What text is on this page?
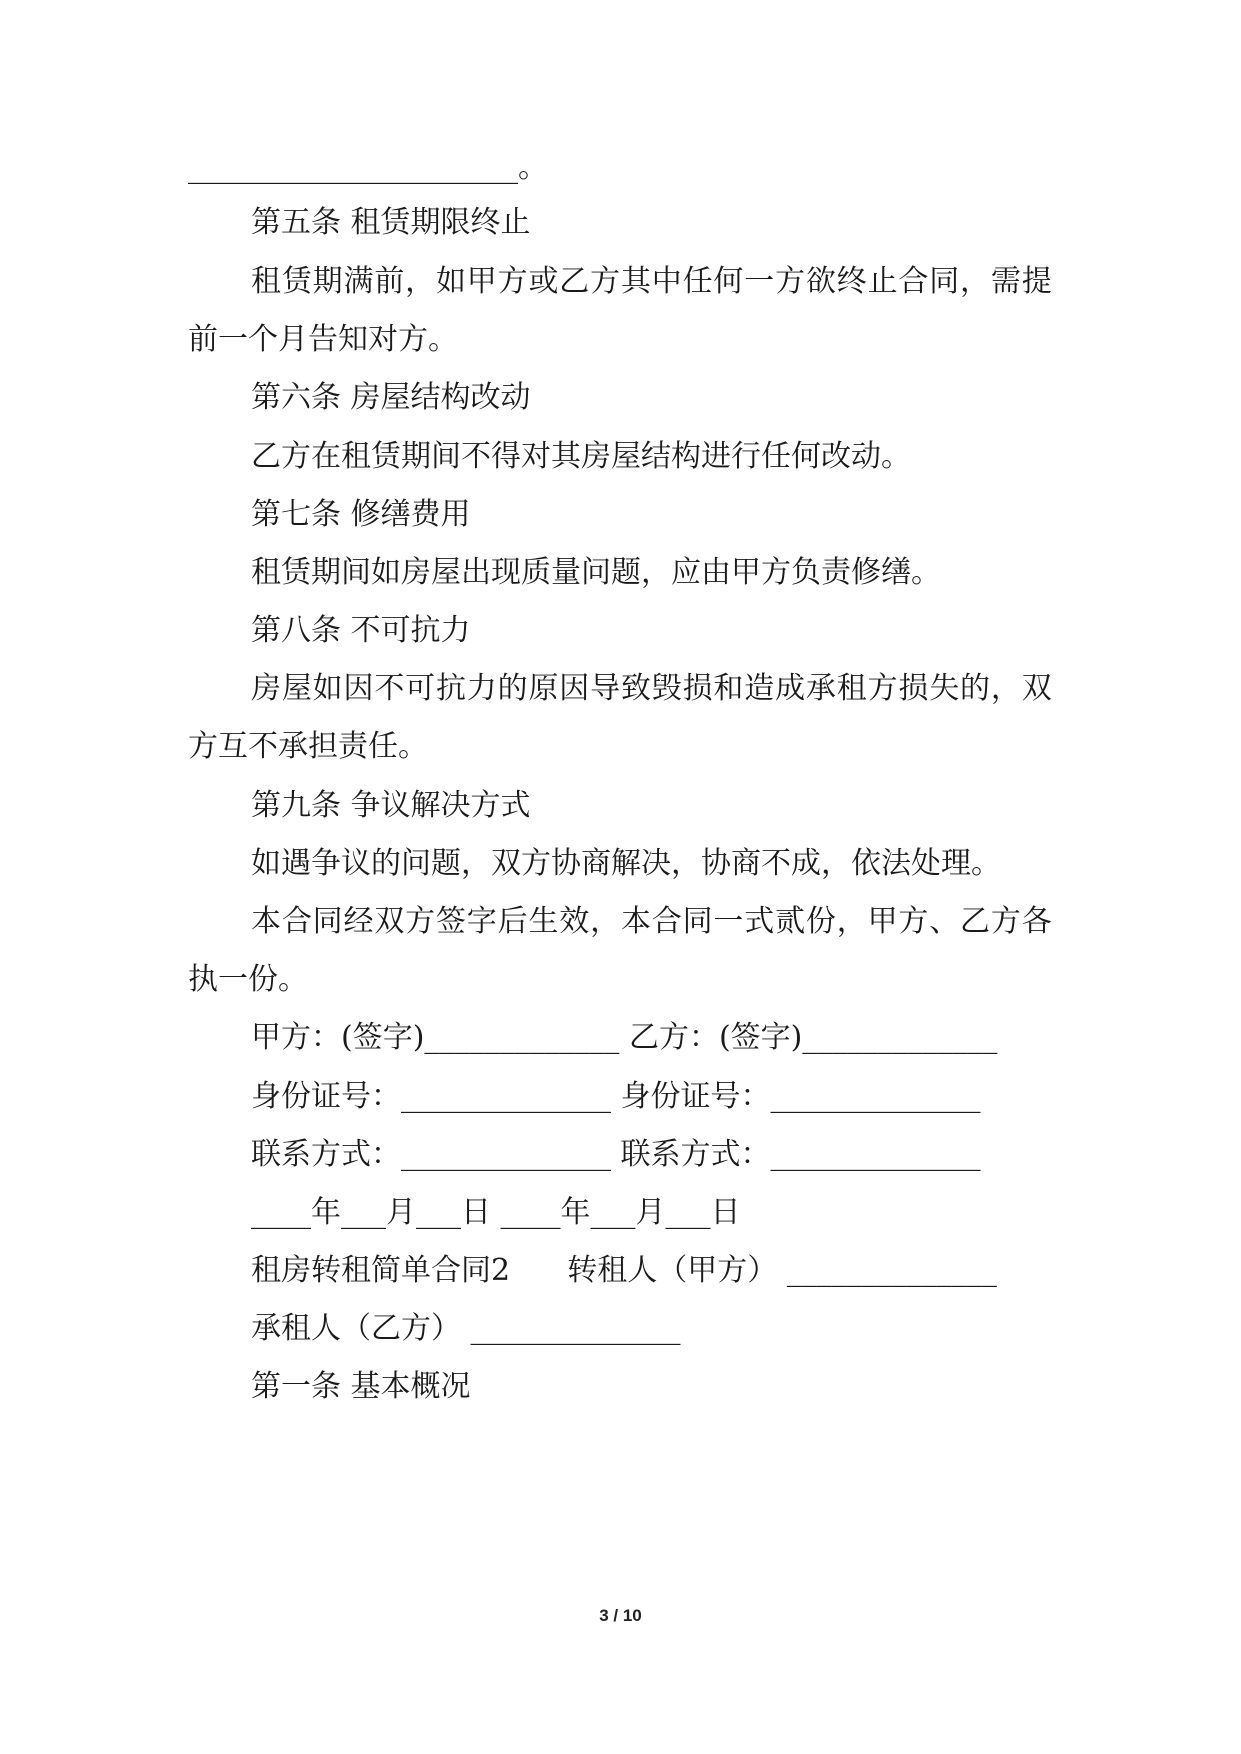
______________________。
第五条 租赁期限终止
租 赁 期 满 前 ， 如 甲 方 或 乙 方 其 中 任 何 一 方 欲 终 止 合 同 ， 需 提
前一个月告知对方。
第六条 房屋结构改动
乙方在租赁期间不得对其房屋结构进行任何改动。
第七条 修缮费用
租赁期间如房屋出现质量问题，应由甲方负责修缮。
第八条 不可抗力
房 屋 如 因 不 可 抗 力 的 原 因 导 致 毁 损 和 造 成 承 租 方 损 失 的 ， 双
方互不承担责任。
第九条 争议解决方式
如遇争议的问题，双方协商解决，协商不成，依法处理。
本 合 同 经 双 方 签 字 后 生 效 ， 本 合 同 一 式 贰 份 ， 甲 方 、 乙 方 各
执一份。
甲方：(签字)_____________ 乙方：(签字)_____________
身份证号：______________ 身份证号：______________
联系方式：______________ 联系方式：______________
____年___月___日 ____年___月___日
租房转租简单合同2      转租人（甲方） ______________
承租人（乙方） ______________
第一条 基本概况
3 / 10
